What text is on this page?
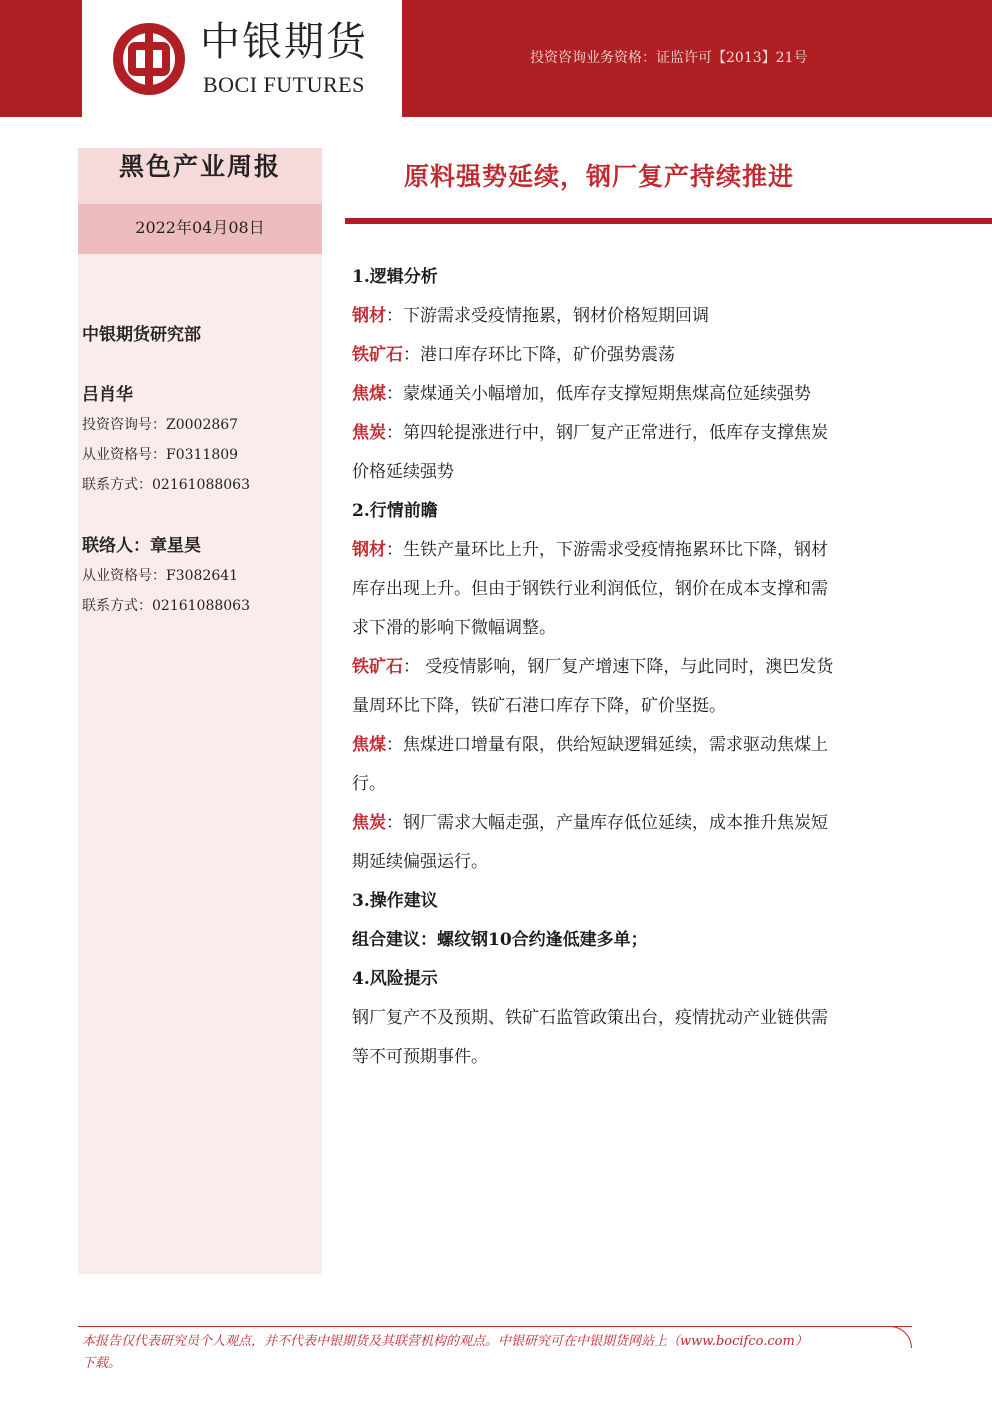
中银期货
BOCI FUTURES
投资咨询业务资格：证监许可【2013】21号
黑色产业周报
2022年04月08日
中银期货研究部
吕肖华
投资咨询号：Z0002867
从业资格号：F0311809
联系方式：02161088063
联络人：章星昊
从业资格号：F3082641
联系方式：02161088063
原料强势延续，钢厂复产持续推进
1.逻辑分析
钢材：下游需求受疫情拖累，钢材价格短期回调
铁矿石：港口库存环比下降，矿价强势震荡
焦煤：蒙煤通关小幅增加，低库存支撑短期焦煤高位延续强势
焦炭：第四轮提涨进行中，钢厂复产正常进行，低库存支撑焦炭
价格延续强势
2.行情前瞻
钢材：生铁产量环比上升，下游需求受疫情拖累环比下降，钢材
库存出现上升。但由于钢铁行业利润低位，钢价在成本支撑和需
求下滑的影响下微幅调整。
铁矿石： 受疫情影响，钢厂复产增速下降，与此同时，澳巴发货
量周环比下降，铁矿石港口库存下降，矿价坚挺。
焦煤：焦煤进口增量有限，供给短缺逻辑延续，需求驱动焦煤上
行。
焦炭：钢厂需求大幅走强，产量库存低位延续，成本推升焦炭短
期延续偏强运行。
3.操作建议
组合建议：螺纹钢10合约逢低建多单；
4.风险提示
钢厂复产不及预期、铁矿石监管政策出台，疫情扰动产业链供需
等不可预期事件。
本报告仅代表研究员个人观点，并不代表中银期货及其联营机构的观点。中银研究可在中银期货网站上（www.bocifco.com）
下载。
